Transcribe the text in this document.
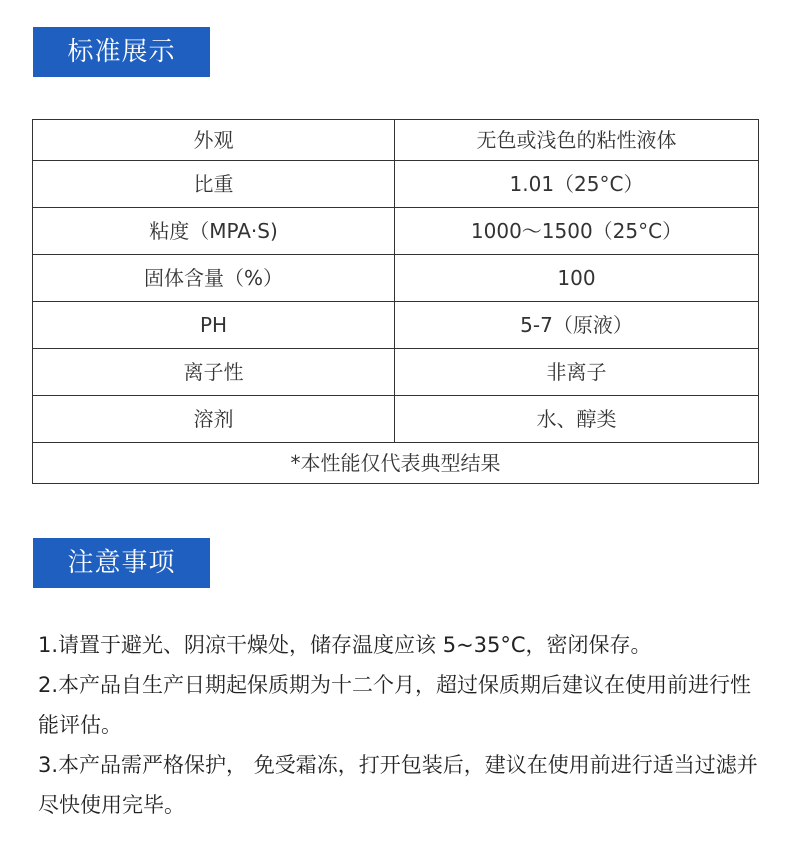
标准展示
外观	无色或浅色的粘性液体
比重	1.01（25°C）
粘度（MPA·S)	1000～1500（25°C）
固体含量（%）	100
PH	5-7（原液）
离子性	非离子
溶剂	水、醇类
*本性能仅代表典型结果	
注意事项

1.请置于避光、阴凉干燥处，储存温度应该 5~35°C，密闭保存。

2.本产品自生产日期起保质期为十二个月，超过保质期后建议在使用前进行性能评估。

3.本产品需严格保护， 免受霜冻，打开包装后，建议在使用前进行适当过滤并尽快使用完毕。
